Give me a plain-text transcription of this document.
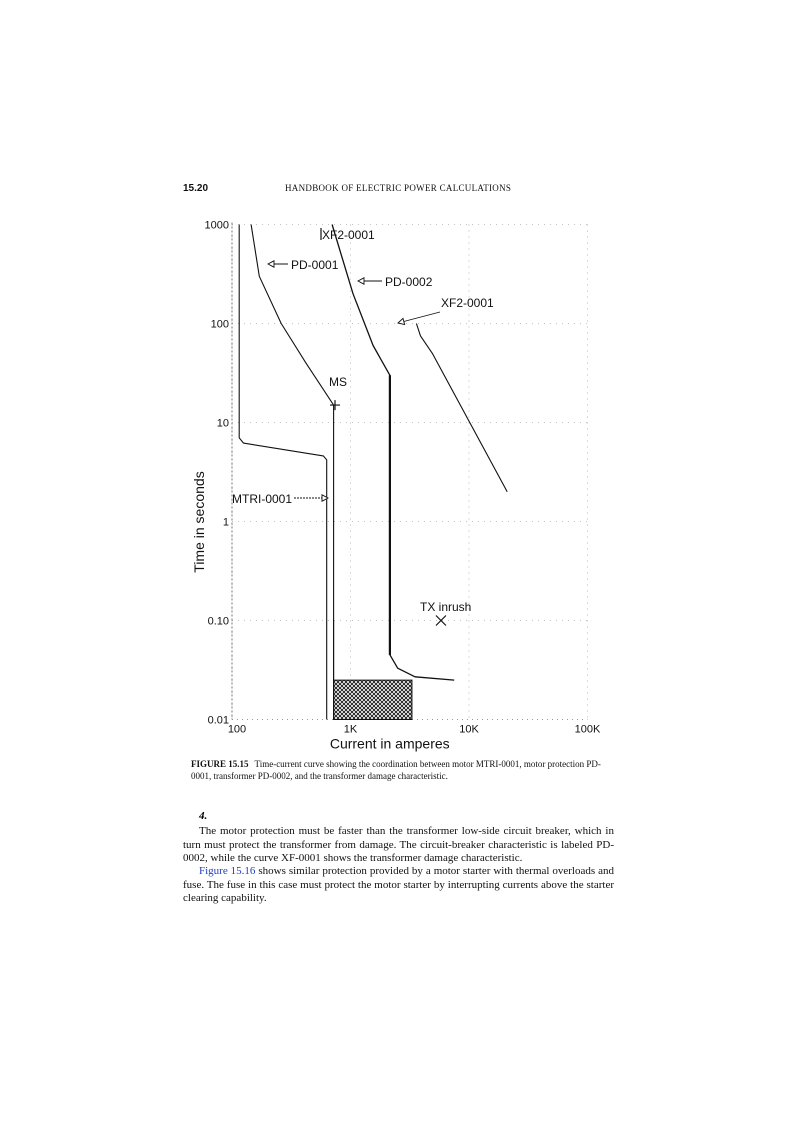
15.20	HANDBOOK OF ELECTRIC POWER CALCULATIONS
1000
100
10
1
0.10
0.01
100	1K	10K	100K
Current in amperes
Time in seconds
XF2-0001
PD-0001
PD-0002
XF2-0001
MTRI-0001
MS
TX inrush
FIGURE 15.15 Time-current curve showing the coordination between motor MTRI-0001, motor protection PD-0001, transformer PD-0002, and the transformer damage characteristic.
4.

The motor protection must be faster than the transformer low-side circuit breaker, which in turn must protect the transformer from damage. The circuit-breaker characteristic is labeled PD-0002, while the curve XF-0001 shows the transformer damage characteristic.

Figure 15.16 shows similar protection provided by a motor starter with thermal overloads and fuse. The fuse in this case must protect the motor starter by interrupting currents above the starter clearing capability.
